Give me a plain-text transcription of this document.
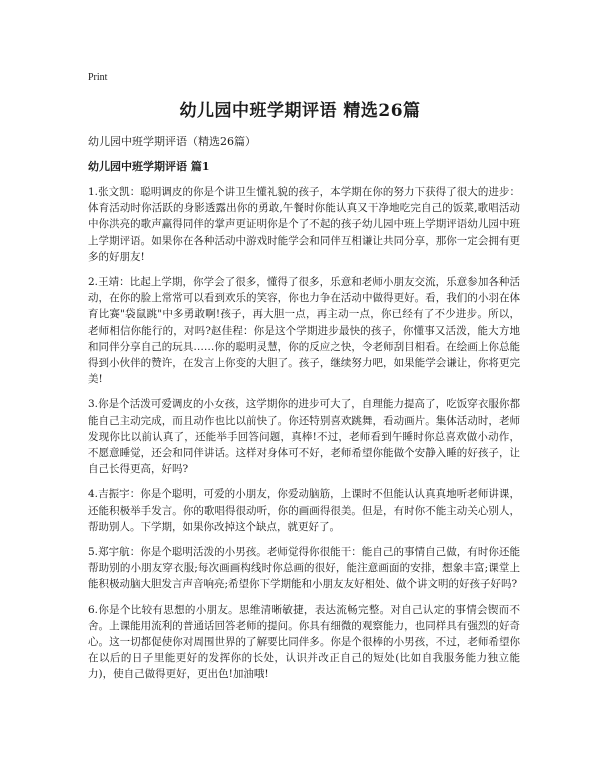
Print
幼儿园中班学期评语 精选26篇
幼儿园中班学期评语（精选26篇）
幼儿园中班学期评语 篇1

1.张文凯：聪明调皮的你是个讲卫生懂礼貌的孩子，本学期在你的努力下获得了很大的进步：体育活动时你活跃的身影透露出你的勇敢,午餐时你能认真又干净地吃完自己的饭菜,歌唱活动中你洪亮的歌声赢得同伴的掌声更证明你是个了不起的孩子幼儿园中班上学期评语幼儿园中班上学期评语。如果你在各种活动中游戏时能学会和同伴互相谦让共同分享，那你一定会拥有更多的好朋友!

2.王靖：比起上学期，你学会了很多，懂得了很多，乐意和老师小朋友交流，乐意参加各种活动，在你的脸上常常可以看到欢乐的笑容，你也力争在活动中做得更好。看，我们的小羽在体育比赛"袋鼠跳"中多勇敢啊!孩子，再大胆一点，再主动一点，你已经有了不少进步。所以，老师相信你能行的，对吗?赵佳程：你是这个学期进步最快的孩子，你懂事又活泼，能大方地和同伴分享自己的玩具……你的聪明灵慧，你的反应之快，令老师刮目相看。在绘画上你总能得到小伙伴的赞许，在发言上你变的大胆了。孩子，继续努力吧，如果能学会谦让，你将更完美!

3.你是个活泼可爱调皮的小女孩，这学期你的进步可大了，自理能力提高了，吃饭穿衣服你都能自己主动完成，而且动作也比以前快了。你还特别喜欢跳舞，看动画片。集体活动时，老师发现你比以前认真了，还能举手回答问题，真棒!不过，老师看到午睡时你总喜欢做小动作，不愿意睡觉，还会和同伴讲话。这样对身体可不好，老师希望你能做个安静入睡的好孩子，让自己长得更高，好吗?

4.吉振宇：你是个聪明，可爱的小朋友，你爱动脑筋，上课时不但能认认真真地听老师讲课，还能积极举手发言。你的歌唱得很动听，你的画画得很美。但是，有时你不能主动关心别人，帮助别人。下学期，如果你改掉这个缺点，就更好了。

5.郑宇航：你是个聪明活泼的小男孩。老师觉得你很能干：能自己的事情自己做，有时你还能帮助别的小朋友穿衣服;每次画画构线时你总画的很好，能注意画面的安排，想象丰富;课堂上能积极动脑大胆发言声音响亮;希望你下学期能和小朋友友好相处、做个讲文明的好孩子好吗?

6.你是个比较有思想的小朋友。思维清晰敏捷，表达流畅完整。对自己认定的事情会锲而不舍。上课能用流利的普通话回答老师的提问。你具有细微的观察能力，也同样具有强烈的好奇心。这一切都促使你对周围世界的了解要比同伴多。你是个很棒的小男孩，不过，老师希望你在以后的日子里能更好的发挥你的长处，认识并改正自己的短处(比如自我服务能力独立能力)，使自己做得更好，更出色!加油哦!
